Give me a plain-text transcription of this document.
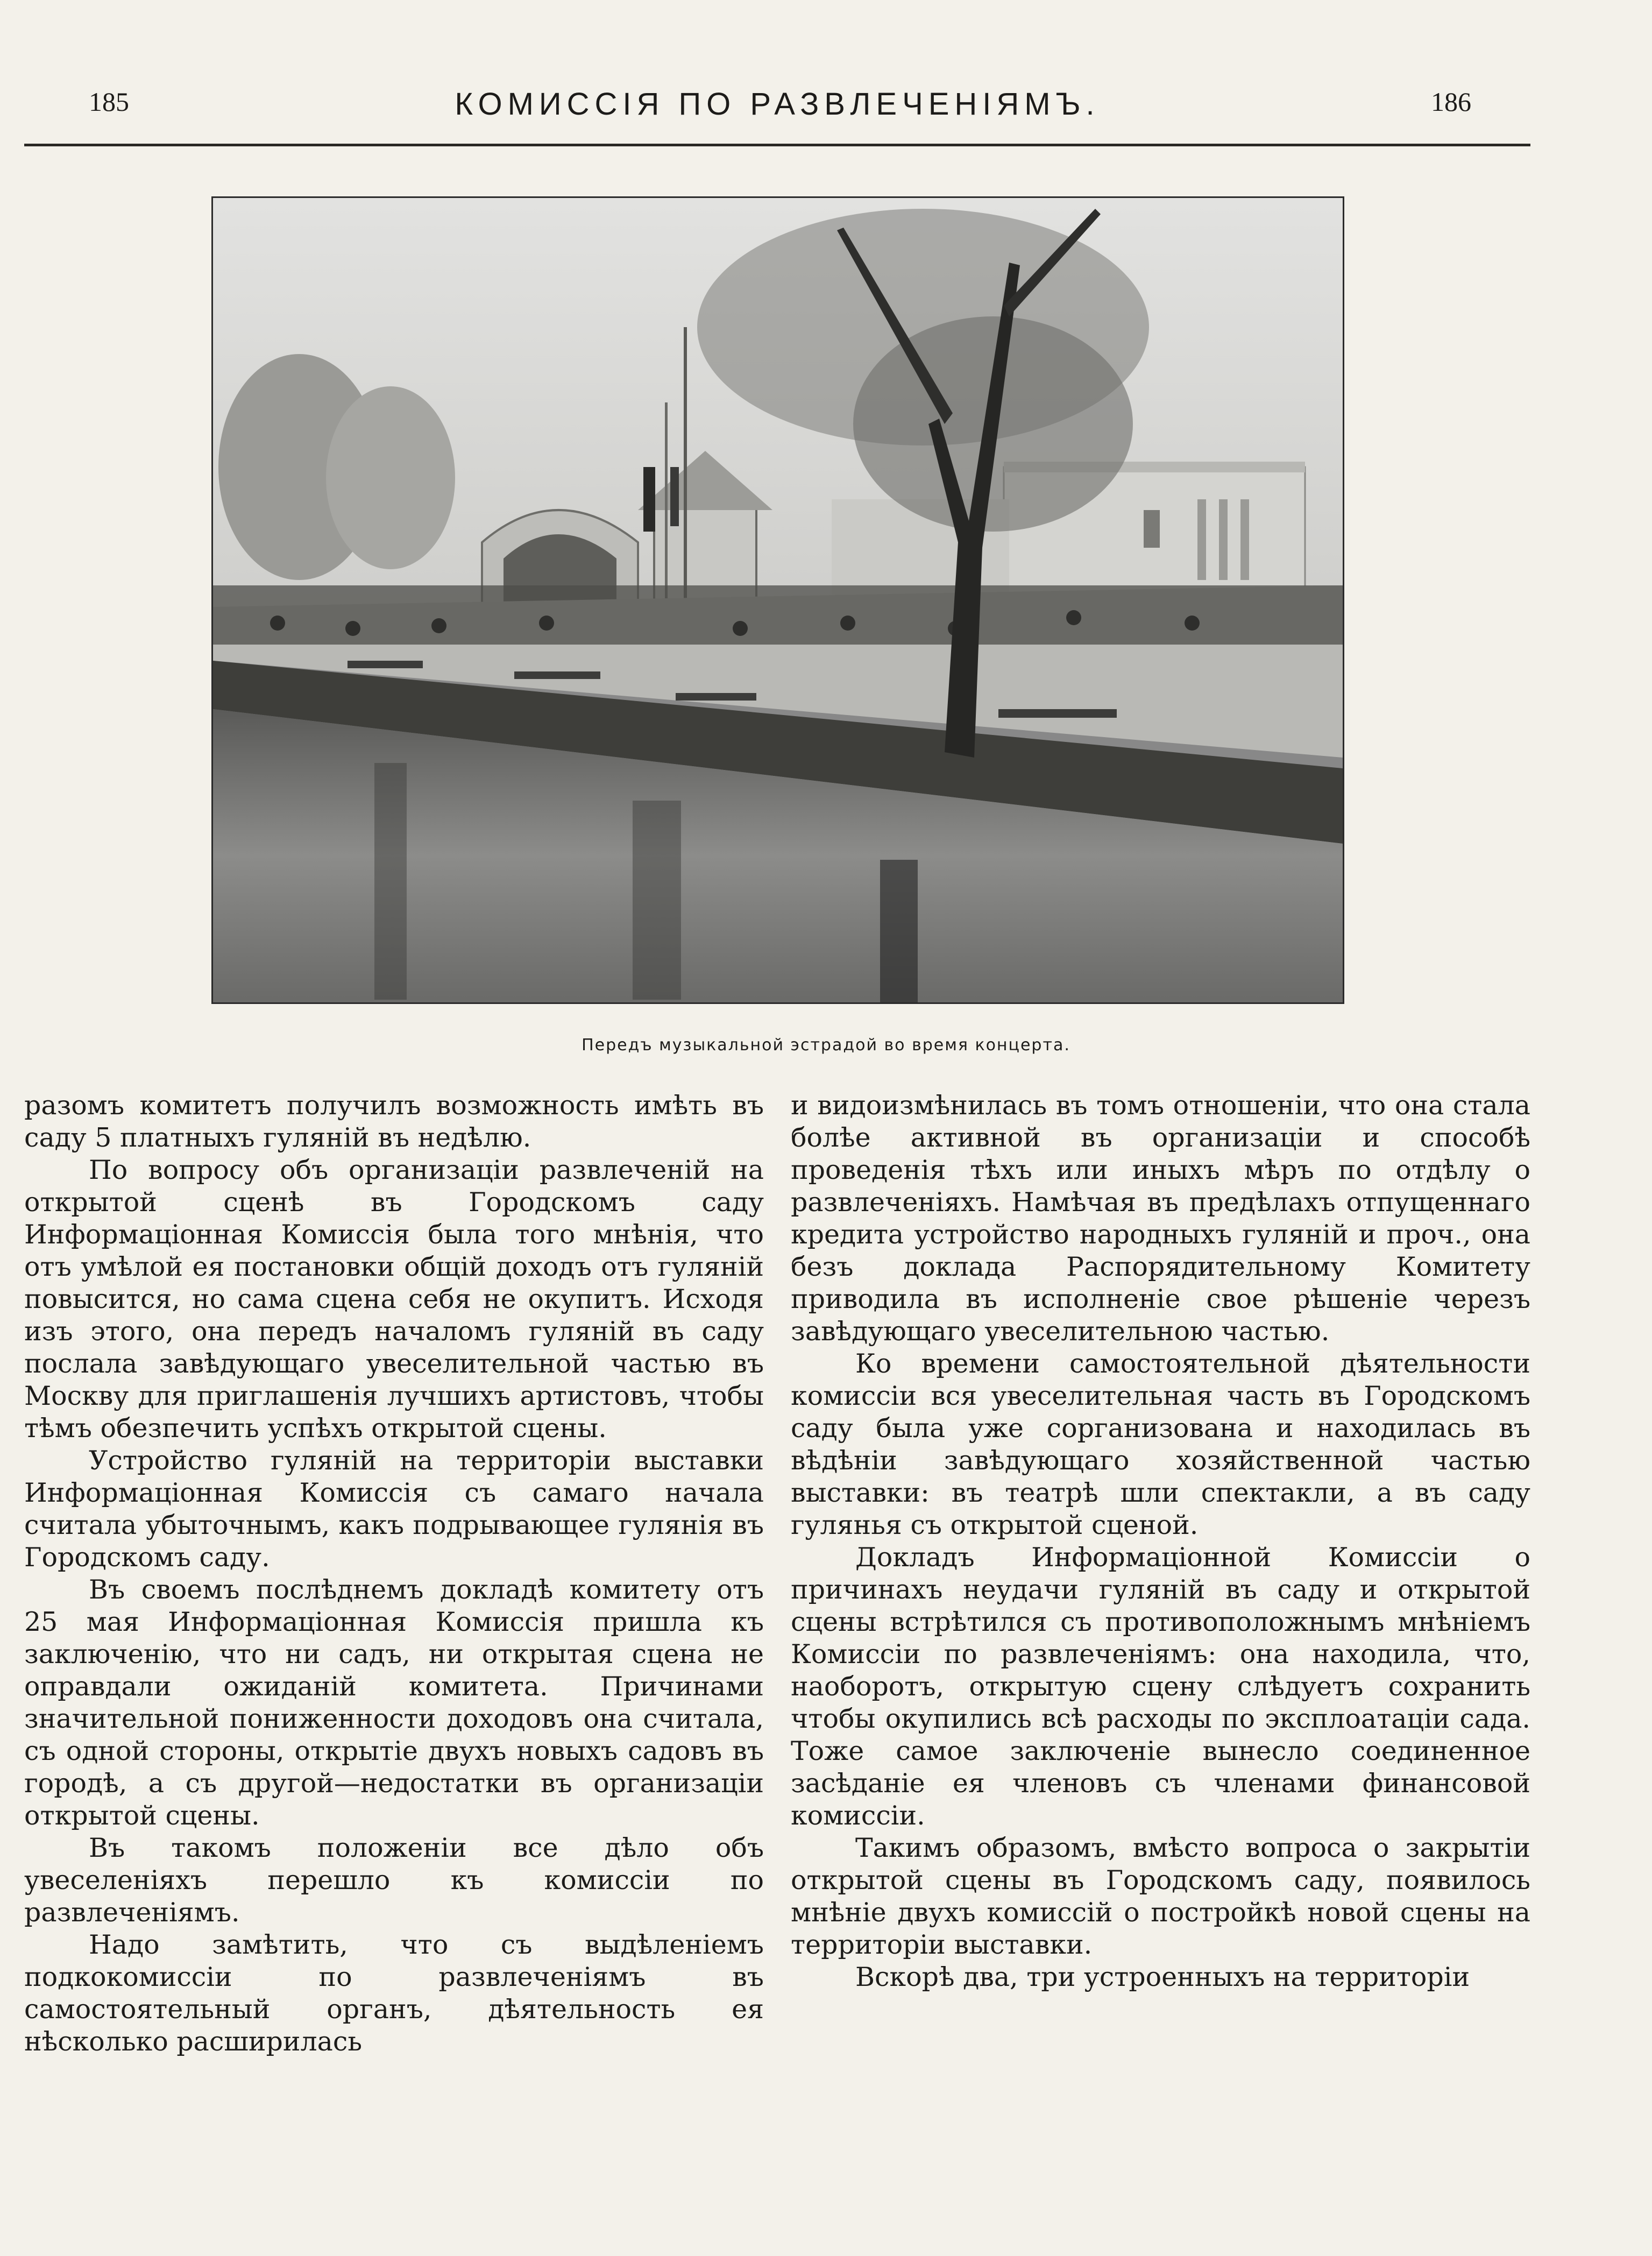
185	КОМИССІЯ ПО РАЗВЛЕЧЕНІЯМЪ.	186
Передъ музыкальной эстрадой во время концерта.

разомъ комитетъ получилъ возможность имѣть въ саду 5 платныхъ гуляній въ недѣлю.

По вопросу объ организаціи развлеченій на открытой сценѣ въ Городскомъ саду Информаціонная Комиссія была того мнѣнія, что отъ умѣлой ея постановки общій доходъ отъ гуляній повысится, но сама сцена себя не окупитъ. Исходя изъ этого, она передъ началомъ гуляній въ саду послала завѣдующаго увеселительной частью въ Москву для приглашенія лучшихъ артистовъ, чтобы тѣмъ обезпечить успѣхъ открытой сцены.

Устройство гуляній на территоріи выставки Информаціонная Комиссія съ самаго начала считала убыточнымъ, какъ подрывающее гулянія въ Городскомъ саду.

Въ своемъ послѣднемъ докладѣ комитету отъ 25 мая Информаціонная Комиссія пришла къ заключенію, что ни садъ, ни открытая сцена не оправдали ожиданій комитета. Причинами значительной пониженности доходовъ она считала, съ одной стороны, открытіе двухъ новыхъ садовъ въ городѣ, а съ другой—недостатки въ организаціи открытой сцены.

Въ такомъ положеніи все дѣло объ увеселеніяхъ перешло къ комиссіи по развлеченіямъ.

Надо замѣтить, что съ выдѣленіемъ подкокомиссіи по развлеченіямъ въ самостоятельный органъ, дѣятельность ея нѣсколько расширилась

и видоизмѣнилась въ томъ отношеніи, что она стала болѣе активной въ организаціи и способѣ проведенія тѣхъ или иныхъ мѣръ по отдѣлу о развлеченіяхъ. Намѣчая въ предѣлахъ отпущеннаго кредита устройство народныхъ гуляній и проч., она безъ доклада Распорядительному Комитету приводила въ исполненіе свое рѣшеніе черезъ завѣдующаго увеселительною частью.

Ко времени самостоятельной дѣятельности комиссіи вся увеселительная часть въ Городскомъ саду была уже сорганизована и находилась въ вѣдѣніи завѣдующаго хозяйственной частью выставки: въ театрѣ шли спектакли, а въ саду гулянья съ открытой сценой.

Докладъ Информаціонной Комиссіи о причинахъ неудачи гуляній въ саду и открытой сцены встрѣтился съ противоположнымъ мнѣніемъ Комиссіи по развлеченіямъ: она находила, что, наоборотъ, открытую сцену слѣдуетъ сохранить чтобы окупились всѣ расходы по эксплоатаціи сада. Тоже самое заключеніе вынесло соединенное засѣданіе ея членовъ съ членами финансовой комиссіи.

Такимъ образомъ, вмѣсто вопроса о закрытіи открытой сцены въ Городскомъ саду, появилось мнѣніе двухъ комиссій о постройкѣ новой сцены на территоріи выставки.

Вскорѣ два, три устроенныхъ на территоріи
